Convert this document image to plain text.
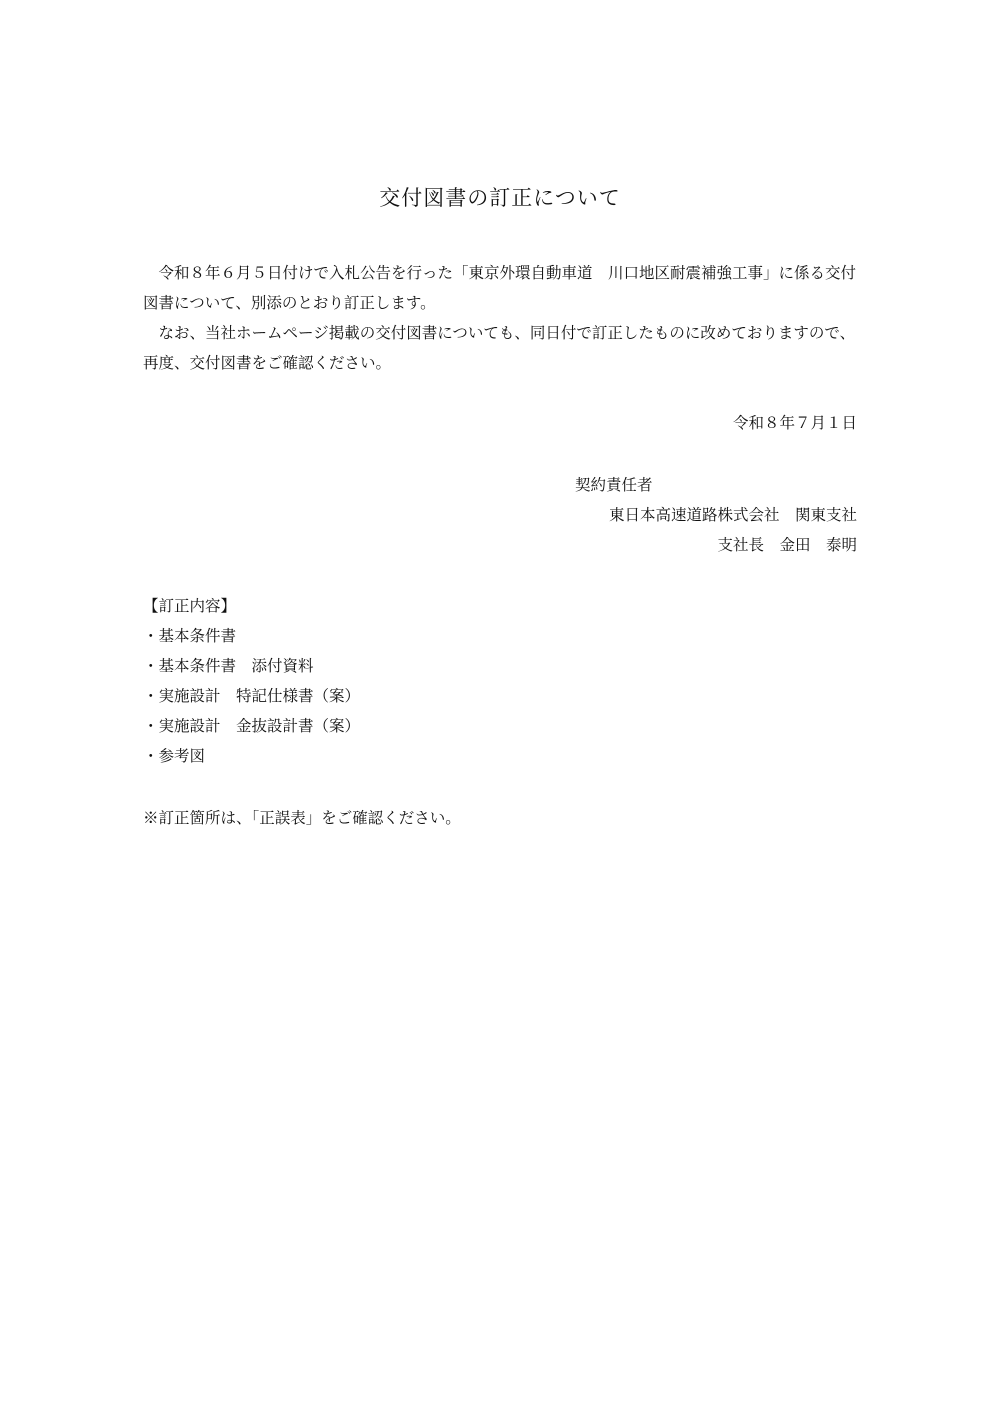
交付図書の訂正について

令和８年６月５日付けで入札公告を行った「東京外環自動車道　川口地区耐震補強工事」に係る交付図書について、別添のとおり訂正します。

なお、当社ホームページ掲載の交付図書についても、同日付で訂正したものに改めておりますので、再度、交付図書をご確認ください。

令和８年７月１日
契約責任者
東日本高速道路株式会社　関東支社
支社長　金田　泰明
【訂正内容】
・基本条件書
・基本条件書　添付資料
・実施設計　特記仕様書（案）
・実施設計　金抜設計書（案）
・参考図
※訂正箇所は、「正誤表」をご確認ください。
